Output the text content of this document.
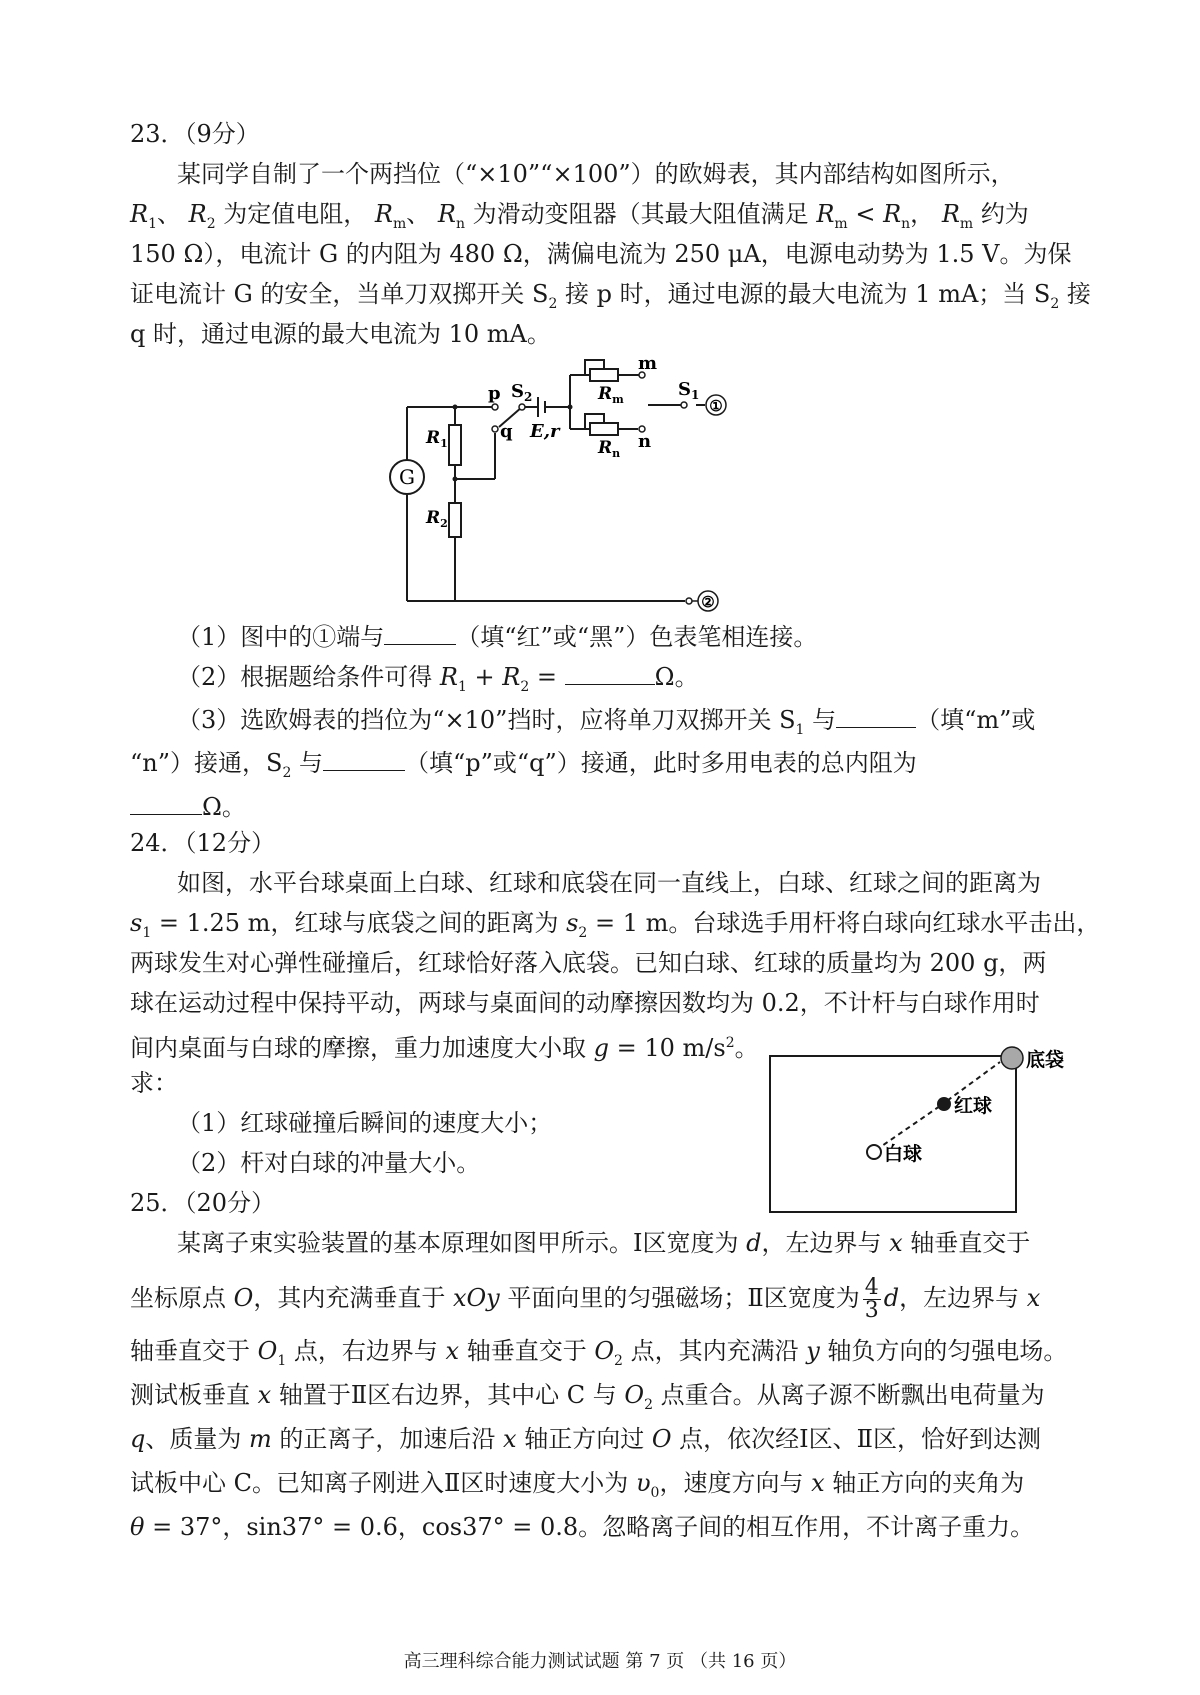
23．（9分）
某同学自制了一个两挡位（“×10”“×100”）的欧姆表，其内部结构如图所示，
$R_1$、 $R_2$ 为定值电阻， $R_m$、 $R_n$ 为滑动变阻器（其最大阻值满足 $R_m < R_n$， $R_m$ 约为
150 Ω），电流计 G 的内阻为 480 Ω，满偏电流为 250 μA，电源电动势为 1.5 V。为保
证电流计 G 的安全，当单刀双掷开关 $S_2$ 接 p 时，通过电源的最大电流为 1 mA；当 $S_2$ 接
q 时，通过电源的最大电流为 10 mA。
①
②
G
p $S_2$
q E,r
$R_1$
$R_2$
m
n
$R_m$
$R_n$
$S_1$
（1）图中的①端与	（填“红”或“黑”）色表笔相连接。
（2）根据题给条件可得 $R_1 + R_2$ =	Ω。
（3）选欧姆表的挡位为“×10”挡时，应将单刀双掷开关 $S_1$ 与	（填“m”或
“n”）接通，$S_2$ 与	（填“p”或“q”）接通，此时多用电表的总内阻为
Ω。
24．（12分）
如图，水平台球桌面上白球、红球和底袋在同一直线上，白球、红球之间的距离为
$s_1 = 1.25$ m，红球与底袋之间的距离为 $s_2 = 1$ m。台球选手用杆将白球向红球水平击出，
两球发生对心弹性碰撞后，红球恰好落入底袋。已知白球、红球的质量均为 200 g，两
球在运动过程中保持平动，两球与桌面间的动摩擦因数均为 0.2，不计杆与白球作用时
间内桌面与白球的摩擦，重力加速度大小取 g = 10 $m/s^2$。
求：
（1）红球碰撞后瞬间的速度大小；
（2）杆对白球的冲量大小。
底袋
红球
白球
25．（20分）
某离子束实验装置的基本原理如图甲所示。Ⅰ区宽度为 d，左边界与 x 轴垂直交于
坐标原点 O，其内充满垂直于 xOy 平面向里的匀强磁场；Ⅱ区宽度为 $\frac{4}{3}$ d，左边界与 x
轴垂直交于 $O_1$ 点，右边界与 x 轴垂直交于 $O_2$ 点，其内充满沿 y 轴负方向的匀强电场。
测试板垂直 x 轴置于Ⅱ区右边界，其中心 C 与 $O_2$ 点重合。从离子源不断飘出电荷量为
q、质量为 m 的正离子，加速后沿 x 轴正方向过 O 点，依次经Ⅰ区、Ⅱ区，恰好到达测
试板中心 C。已知离子刚进入Ⅱ区时速度大小为 $\upsilon_0$，速度方向与 x 轴正方向的夹角为
θ = 37°，sin37° = 0.6，cos37° = 0.8。忽略离子间的相互作用，不计离子重力。
高三理科综合能力测试试题 第 7 页 （共 16 页）
